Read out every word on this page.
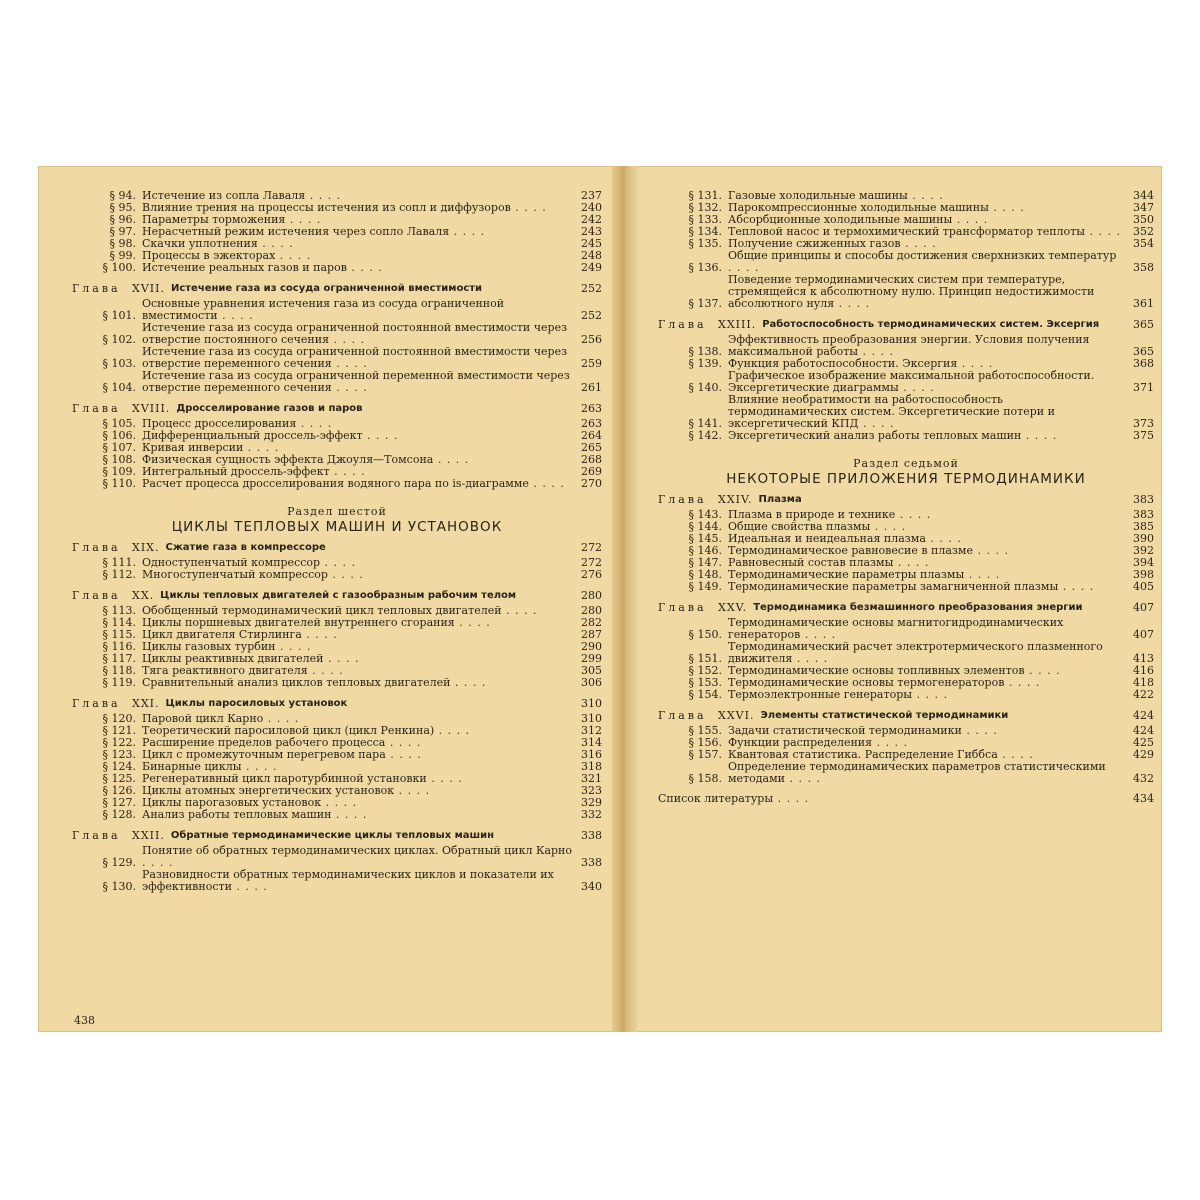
§ 94. Истечение из сопла Лаваля . . . .	237
§ 95. Влияние трения на процессы истечения из сопл и диффузоров . . . .	240
§ 96. Параметры торможения . . . .	242
§ 97. Нерасчетный режим истечения через сопло Лаваля . . . .	243
§ 98. Скачки уплотнения . . . .	245
§ 99. Процессы в эжекторах . . . .	248
§ 100. Истечение реальных газов и паров . . . .	249
Глава	XVII. Истечение газа из сосуда ограниченной вместимости	252
§ 101.
Основные уравнения истечения газа из сосуда ограниченной вместимости . . . .	252
§ 102.
Истечение газа из сосуда ограниченной постоянной вместимости через отверстие постоянного сечения . . . .	256
§ 103.
Истечение газа из сосуда ограниченной постоянной вместимости через отверстие переменного сечения . . . .	259
§ 104.
Истечение газа из сосуда ограниченной переменной вместимости через отверстие переменного сечения . . . .	261
Глава	XVIII. Дросселирование газов и паров	263
§ 105. Процесс дросселирования . . . .	263
§ 106. Дифференциальный дроссель-эффект . . . .	264
§ 107. Кривая инверсии . . . .	265
§ 108. Физическая сущность эффекта Джоуля—Томсона . . . .	268
§ 109. Интегральный дроссель-эффект . . . .	269
§ 110. Расчет процесса дросселирования водяного пара по is-диаграмме . . . .	270
Раздел шестой
ЦИКЛЫ ТЕПЛОВЫХ МАШИН И УСТАНОВОК
Глава	XIX. Сжатие газа в компрессоре	272
§ 111. Одноступенчатый компрессор . . . .	272
§ 112. Многоступенчатый компрессор . . . .	276
Глава	XX. Циклы тепловых двигателей с газообразным рабочим телом	280
§ 113. Обобщенный термодинамический цикл тепловых двигателей . . . .	280
§ 114. Циклы поршневых двигателей внутреннего сгорания . . . .	282
§ 115. Цикл двигателя Стирлинга . . . .	287
§ 116. Циклы газовых турбин . . . .	290
§ 117. Циклы реактивных двигателей . . . .	299
§ 118. Тяга реактивного двигателя . . . .	305
§ 119. Сравнительный анализ циклов тепловых двигателей . . . .	306
Глава	XXI. Циклы паросиловых установок	310
§ 120. Паровой цикл Карно . . . .	310
§ 121. Теоретический паросиловой цикл (цикл Ренкина) . . . .	312
§ 122. Расширение пределов рабочего процесса . . . .	314
§ 123. Цикл с промежуточным перегревом пара . . . .	316
§ 124. Бинарные циклы . . . .	318
§ 125. Регенеративный цикл паротурбинной установки . . . .	321
§ 126. Циклы атомных энергетических установок . . . .	323
§ 127. Циклы парогазовых установок . . . .	329
§ 128. Анализ работы тепловых машин . . . .	332
Глава	XXII. Обратные термодинамические циклы тепловых машин	338
§ 129.
Понятие об обратных термодинамических циклах. Обратный цикл Карно . . . .	338
§ 130.
Разновидности обратных термодинамических циклов и показатели их эффективности . . . .	340
438
§ 131. Газовые холодильные машины . . . .	344
§ 132. Парокомпрессионные холодильные машины . . . .	347
§ 133. Абсорбционные холодильные машины . . . .	350
§ 134. Тепловой насос и термохимический трансформатор теплоты . . . .	352
§ 135. Получение сжиженных газов . . . .	354
§ 136.
Общие принципы и способы достижения сверхнизких температур . . . .	358
§ 137.
Поведение термодинамических систем при температуре, стремящейся к абсолютному нулю. Принцип недостижимости абсолютного нуля . . . .	361
Глава	XXIII. Работоспособность термодинамических систем. Эксергия	365
§ 138.
Эффективность преобразования энергии. Условия получения максимальной работы . . . .	365
§ 139. Функция работоспособности. Эксергия . . . .	368
§ 140.
Графическое изображение максимальной работоспособности. Эксергетические диаграммы . . . .	371
§ 141.
Влияние необратимости на работоспособность термодинамических систем. Эксергетические потери и эксергетический КПД . . . .	373
§ 142. Эксергетический анализ работы тепловых машин . . . .	375
Раздел седьмой
НЕКОТОРЫЕ ПРИЛОЖЕНИЯ ТЕРМОДИНАМИКИ
Глава	XXIV. Плазма	383
§ 143. Плазма в природе и технике . . . .	383
§ 144. Общие свойства плазмы . . . .	385
§ 145. Идеальная и неидеальная плазма . . . .	390
§ 146. Термодинамическое равновесие в плазме . . . .	392
§ 147. Равновесный состав плазмы . . . .	394
§ 148. Термодинамические параметры плазмы . . . .	398
§ 149. Термодинамические параметры замагниченной плазмы . . . .	405
Глава	XXV. Термодинамика безмашинного преобразования энергии	407
§ 150.
Термодинамические основы магнитогидродинамических генераторов . . . .	407
§ 151.
Термодинамический расчет электротермического плазменного движителя . . . .	413
§ 152. Термодинамические основы топливных элементов . . . .	416
§ 153. Термодинамические основы термогенераторов . . . .	418
§ 154. Термоэлектронные генераторы . . . .	422
Глава	XXVI. Элементы статистической термодинамики	424
§ 155. Задачи статистической термодинамики . . . .	424
§ 156. Функции распределения . . . .	425
§ 157. Квантовая статистика. Распределение Гиббса . . . .	429
§ 158.
Определение термодинамических параметров статистическими методами . . . .	432
Список литературы . . . .	434
